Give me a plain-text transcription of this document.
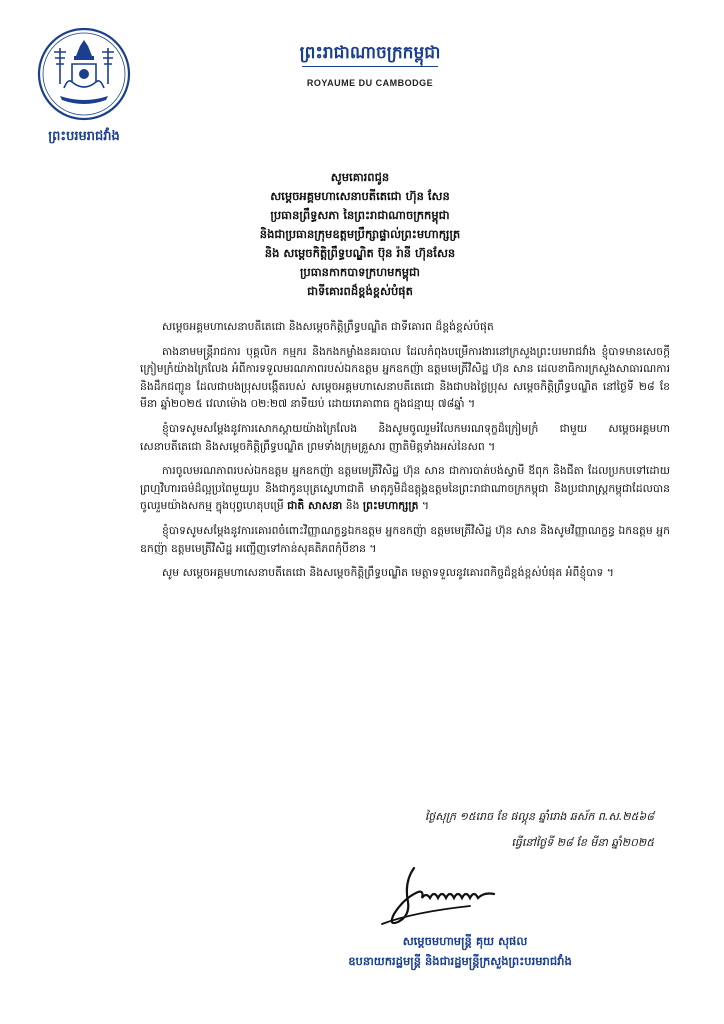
ព្រះបរមរាជវាំង
ព្រះរាជាណាចក្រកម្ពុជា
ROYAUME DU CAMBODGE
សូមគោរពជូន
សម្តេចអគ្គមហាសេនាបតីតេជោ ហ៊ុន សែន
ប្រធានព្រឹទ្ធសភា នៃព្រះរាជាណាចក្រកម្ពុជា
និងជាប្រធានក្រុមឧត្តមប្រឹក្សាផ្ទាល់ព្រះមហាក្សត្រ
និង សម្តេចកិត្តិព្រឹទ្ធបណ្ឌិត ប៊ុន រ៉ានី ហ៊ុនសែន
ប្រធានកាកបាទក្រហមកម្ពុជា
ជាទីគោរពដ៏ខ្ពង់ខ្ពស់បំផុត

សម្តេចអគ្គមហាសេនាបតីតេជោ និងសម្តេចកិត្តិព្រឹទ្ធបណ្ឌិត ជាទីគោរព ដ៏ខ្ពង់ខ្ពស់បំផុត

តាងនាមមន្ត្រីរាជការ បុគ្គលិក កម្មករ និងកងកម្លាំងនគរបាល ដែលកំពុងបម្រើការងារនៅក្រសួងព្រះបរមរាជវាំង ខ្ញុំបាទមានសេចក្តីក្រៀមក្រំយ៉ាងក្រៃលែង អំពីការទទួលមរណភាពរបស់ឯកឧត្តម អ្នកឧកញ៉ា ឧត្តមមេត្រីវិសិដ្ឋ ហ៊ុន សាន ដេលខាធិការក្រសួងសាធារណការ និងដឹកជញ្ជូន ដែលជាបងប្រុសបង្កើតរបស់ សម្តេចអគ្គមហាសេនាបតីតេជោ និងជាបងថ្លៃប្រុស សម្តេចកិត្តិព្រឹទ្ធបណ្ឌិត នៅថ្ងៃទី ២៨ ខែ មីនា ឆ្នាំ២០២៥ វេលាម៉ោង ០២:២៧ នាទីយប់ ដោយរោគាពាធ ក្នុងជន្មាយុ ៧៨ឆ្នាំ ។

ខ្ញុំបាទសូមសម្តែងនូវការសោកស្តាយយ៉ាងក្រៃលែង និងសូមចូលរួមរំលែកមរណទុក្ខដ៏ក្រៀមក្រំ ជាមួយ សម្តេចអគ្គមហាសេនាបតីតេជោ និងសម្តេចកិត្តិព្រឹទ្ធបណ្ឌិត ព្រមទាំងក្រុមគ្រួសារ ញាតិមិត្តទាំងអស់នៃសព ។

ការចូលមរណភាពរបស់ឯកឧត្តម អ្នកឧកញ៉ា ឧត្តមមេត្រីវិសិដ្ឋ ហ៊ុន សាន ជាការបាត់បង់ស្វាមី ឪពុក និងជីតា ដែលប្រកបទៅដោយព្រហ្មវិហារធម៌ដ៏ល្អប្រពៃមួយរូប និងជាកូនបុត្រស្នេហាជាតិ មាតុភូមិដ៏ឧត្តុង្គឧត្តមនៃព្រះរាជាណាចក្រកម្ពុជា និងប្រជារាស្ត្រកម្ពុជាដែលបានចូលរួមយ៉ាងសកម្ម ក្នុងបុព្វហេតុបម្រើ ជាតិ សាសនា និង ព្រះមហាក្សត្រ ។

ខ្ញុំបាទសូមសម្តែងនូវការគោរពចំពោះវិញ្ញាណក្ខន្ធឯកឧត្តម អ្នកឧកញ៉ា ឧត្តមមេត្រីវិសិដ្ឋ ហ៊ុន សាន និងសូមវិញ្ញាណក្ខន្ធ ឯកឧត្តម អ្នកឧកញ៉ា ឧត្តមមេត្រីវិសិដ្ឋ អញ្ជើញទៅកាន់សុគតិភពកុំបីខាន ។

សូម សម្តេចអគ្គមហាសេនាបតីតេជោ និងសម្តេចកិត្តិព្រឹទ្ធបណ្ឌិត មេត្តាទទួលនូវគោរពកិច្ចដ៏ខ្ពង់ខ្ពស់បំផុត អំពីខ្ញុំបាទ ។

ថ្ងៃសុក្រ ១៥រោច ខែ ផល្គុន ឆ្នាំរោង ឆស័ក ព.ស.២៥៦៨
ធ្វើនៅថ្ងៃទី ២៨ ខែ មីនា ឆ្នាំ២០២៥
សម្តេចមហាមន្ត្រី គុយ សុផល
ឧបនាយករដ្ឋមន្ត្រី និងជារដ្ឋមន្ត្រីក្រសួងព្រះបរមរាជវាំង
